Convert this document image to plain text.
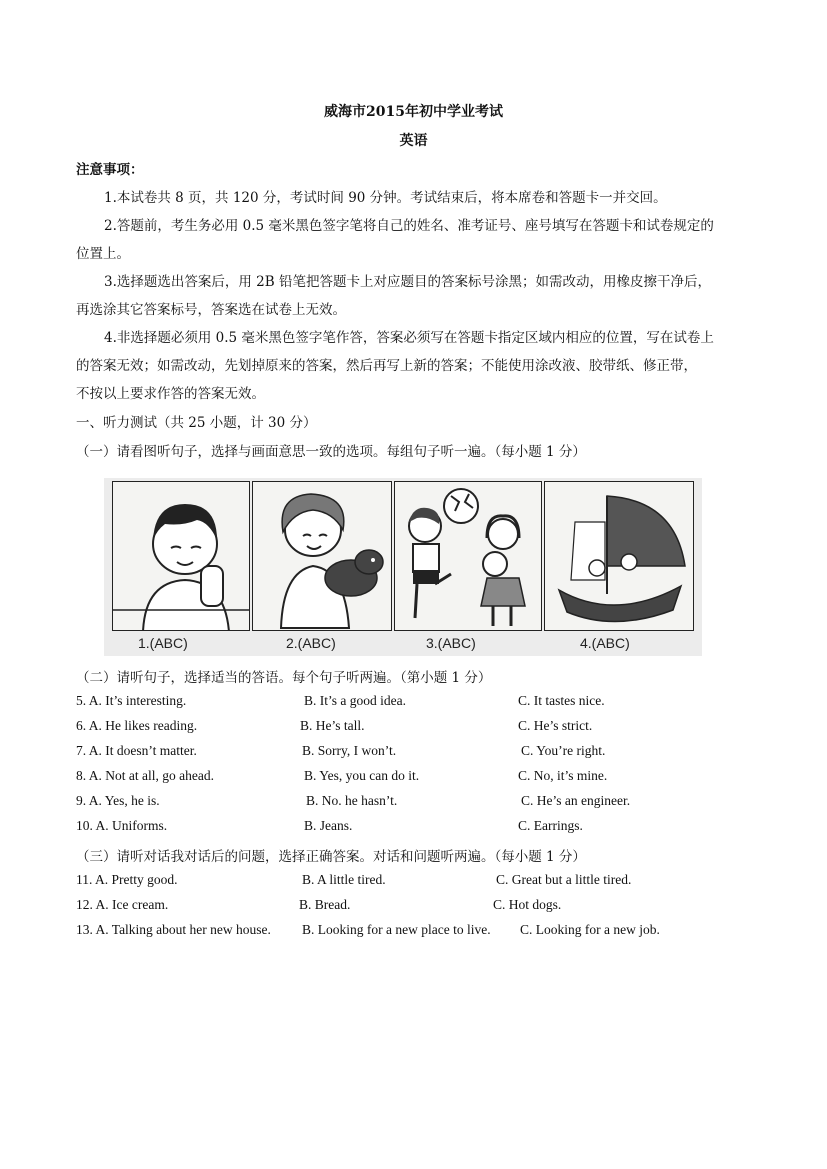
威海市2015年初中学业考试
英语
注意事项：
1.本试卷共 8 页，共 120 分，考试时间 90 分钟。考试结束后，将本席卷和答题卡一并交回。
2.答题前，考生务必用 0.5 毫米黑色签字笔将自己的姓名、准考证号、座号填写在答题卡和试卷规定的
位置上。
3.选择题选出答案后，用 2B 铅笔把答题卡上对应题目的答案标号涂黑；如需改动，用橡皮擦干净后，
再选涂其它答案标号，答案选在试卷上无效。
4.非选择题必须用 0.5 毫米黑色签字笔作答，答案必须写在答题卡指定区域内相应的位置，写在试卷上
的答案无效；如需改动，先划掉原来的答案，然后再写上新的答案；不能使用涂改液、胶带纸、修正带，
不按以上要求作答的答案无效。
一、听力测试（共 25 小题，计 30 分）
（一）请看图听句子，选择与画面意思一致的选项。每组句子听一遍。（每小题 1 分）
1.(ABC)	2.(ABC)	3.(ABC)	4.(ABC)
（二）请听句子，选择适当的答语。每个句子听两遍。（第小题 1 分）
5. A. It’s interesting.	B. It’s a good idea.	C. It tastes nice.
6. A. He likes reading.	B. He’s tall.	C. He’s strict.
7. A. It doesn’t matter.	B. Sorry, I won’t.	C. You’re right.
8. A. Not at all, go ahead.	B. Yes, you can do it.	C. No, it’s mine.
9. A. Yes, he is.	B. No. he hasn’t.	C. He’s an engineer.
10. A. Uniforms.	B. Jeans.	C. Earrings.
（三）请听对话我对话后的问题，选择正确答案。对话和问题听两遍。（每小题 1 分）
11. A. Pretty good.	B. A little tired.	C. Great but a little tired.
12. A. Ice cream.	B. Bread.	C. Hot dogs.
13. A. Talking about her new house. B. Looking for a new place to live. C. Looking for a new job.
